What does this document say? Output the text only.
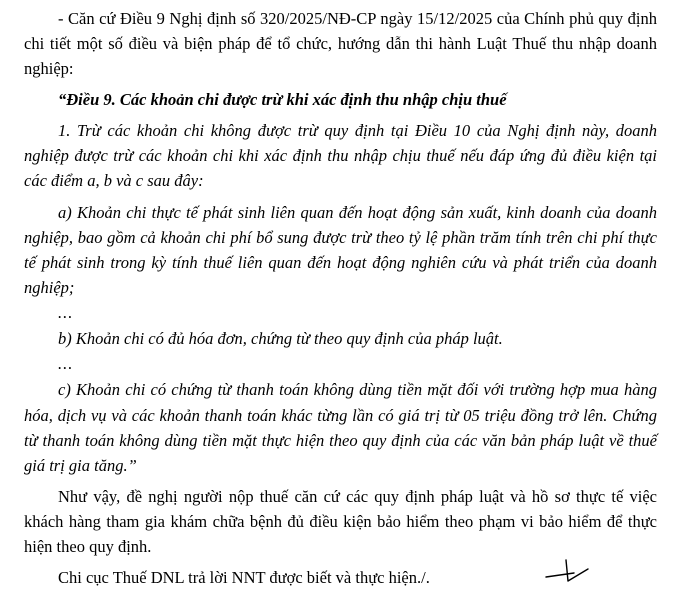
- Căn cứ Điều 9 Nghị định số 320/2025/NĐ-CP ngày 15/12/2025 của Chính phủ quy định chi tiết một số điều và biện pháp để tổ chức, hướng dẫn thi hành Luật Thuế thu nhập doanh nghiệp:

“Điều 9. Các khoản chi được trừ khi xác định thu nhập chịu thuế

1. Trừ các khoản chi không được trừ quy định tại Điều 10 của Nghị định này, doanh nghiệp được trừ các khoản chi khi xác định thu nhập chịu thuế nếu đáp ứng đủ điều kiện tại các điểm a, b và c sau đây:

a) Khoản chi thực tế phát sinh liên quan đến hoạt động sản xuất, kinh doanh của doanh nghiệp, bao gồm cả khoản chi phí bổ sung được trừ theo tỷ lệ phần trăm tính trên chi phí thực tế phát sinh trong kỳ tính thuế liên quan đến hoạt động nghiên cứu và phát triển của doanh nghiệp;

...

b) Khoản chi có đủ hóa đơn, chứng từ theo quy định của pháp luật.

...

c) Khoản chi có chứng từ thanh toán không dùng tiền mặt đối với trường hợp mua hàng hóa, dịch vụ và các khoản thanh toán khác từng lần có giá trị từ 05 triệu đồng trở lên. Chứng từ thanh toán không dùng tiền mặt thực hiện theo quy định của các văn bản pháp luật về thuế giá trị gia tăng.”

Như vậy, đề nghị người nộp thuế căn cứ các quy định pháp luật và hồ sơ thực tế việc khách hàng tham gia khám chữa bệnh đủ điều kiện bảo hiểm theo phạm vi bảo hiểm để thực hiện theo quy định.

Chi cục Thuế DNL trả lời NNT được biết và thực hiện./.
